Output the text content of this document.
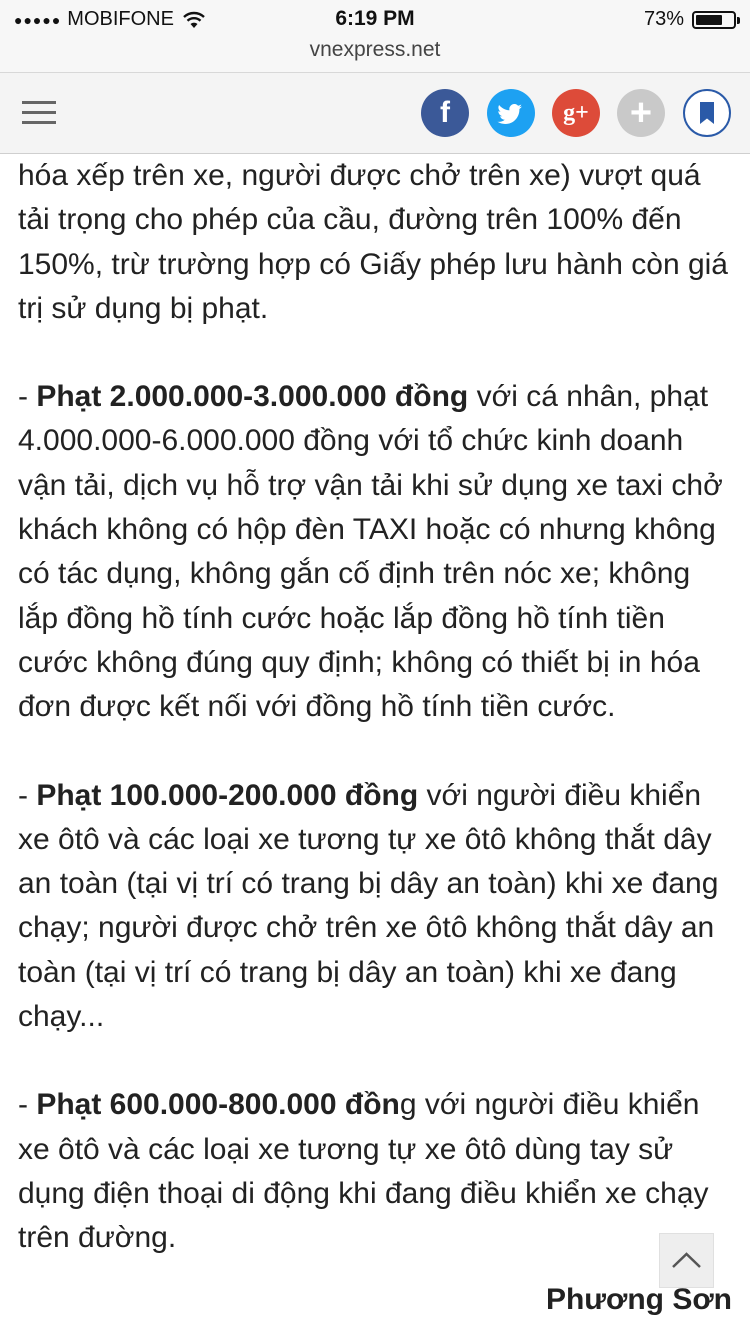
●●●●● MOBIFONE	6:19 PM	73%
vnexpress.net
f	g+	+

hóa xếp trên xe, người được chở trên xe) vượt quá tải trọng cho phép của cầu, đường trên 100% đến 150%, trừ trường hợp có Giấy phép lưu hành còn giá trị sử dụng bị phạt.

- Phạt 2.000.000-3.000.000 đồng với cá nhân, phạt 4.000.000-6.000.000 đồng với tổ chức kinh doanh vận tải, dịch vụ hỗ trợ vận tải khi sử dụng xe taxi chở khách không có hộp đèn TAXI hoặc có nhưng không có tác dụng, không gắn cố định trên nóc xe; không lắp đồng hồ tính cước hoặc lắp đồng hồ tính tiền cước không đúng quy định; không có thiết bị in hóa đơn được kết nối với đồng hồ tính tiền cước.

- Phạt 100.000-200.000 đồng với người điều khiển xe ôtô và các loại xe tương tự xe ôtô không thắt dây an toàn (tại vị trí có trang bị dây an toàn) khi xe đang chạy; người được chở trên xe ôtô không thắt dây an toàn (tại vị trí có trang bị dây an toàn) khi xe đang chạy...

- Phạt 600.000-800.000 đồng với người điều khiển xe ôtô và các loại xe tương tự xe ôtô dùng tay sử dụng điện thoại di động khi đang điều khiển xe chạy trên đường.

Phương Sơn
